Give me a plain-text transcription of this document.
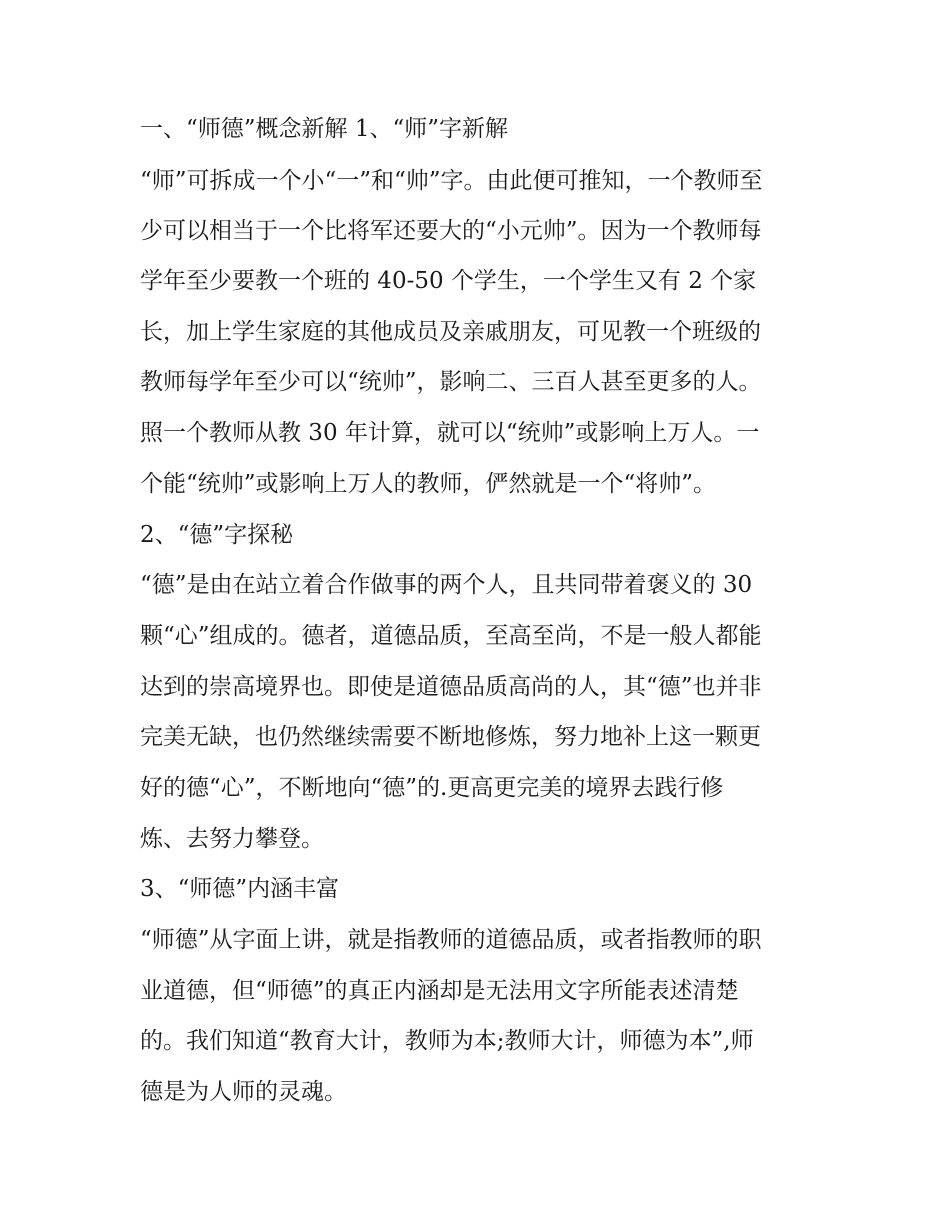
一、“师德”概念新解 1、“师”字新解
“师”可拆成一个小“一”和“帅”字。由此便可推知，一个教师至
少可以相当于一个比将军还要大的“小元帅”。因为一个教师每
学年至少要教一个班的 40-50 个学生，一个学生又有 2 个家
长，加上学生家庭的其他成员及亲戚朋友，可见教一个班级的
教师每学年至少可以“统帅”，影响二、三百人甚至更多的人。
照一个教师从教 30 年计算，就可以“统帅”或影响上万人。一
个能“统帅”或影响上万人的教师，俨然就是一个“将帅”。
2、“德”字探秘
“德”是由在站立着合作做事的两个人，且共同带着褒义的 30
颗“心”组成的。德者，道德品质，至高至尚，不是一般人都能
达到的崇高境界也。即使是道德品质高尚的人，其“德”也并非
完美无缺，也仍然继续需要不断地修炼，努力地补上这一颗更
好的德“心”，不断地向“德”的.更高更完美的境界去践行修
炼、去努力攀登。
3、“师德”内涵丰富
“师德”从字面上讲，就是指教师的道德品质，或者指教师的职
业道德，但“师德”的真正内涵却是无法用文字所能表述清楚
的。我们知道“教育大计，教师为本;教师大计，师德为本”,师
德是为人师的灵魂。
